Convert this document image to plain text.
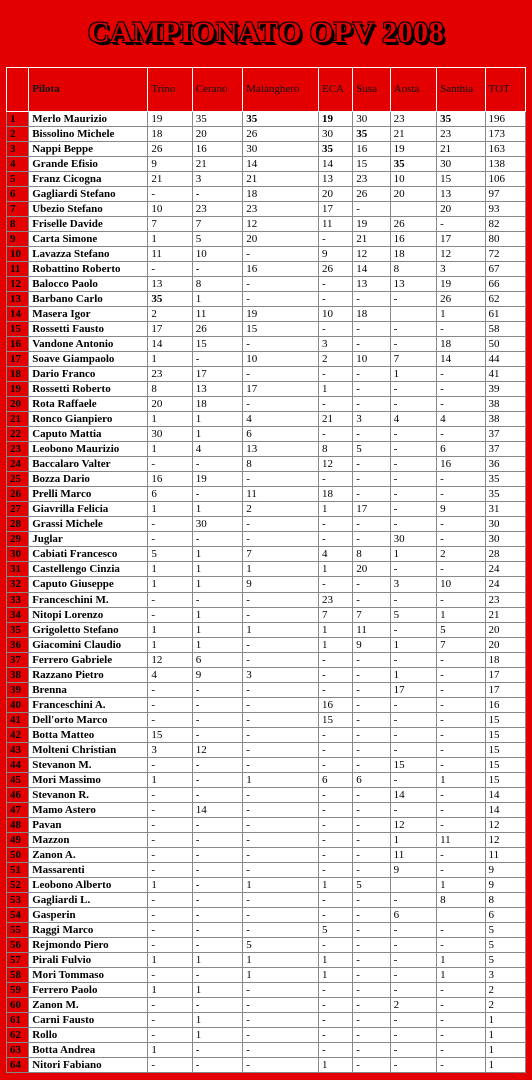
CAMPIONATO OPV 2008
	Pilota	Trino	Cerano	Malanghero	ECA	Susa	Aosta	Santhia	TOT
1	Merlo Maurizio	19	35	35	19	30	23	35	196
2	Bissolino Michele	18	20	26	30	35	21	23	173
3	Nappi Beppe	26	16	30	35	16	19	21	163
4	Grande Efisio	9	21	14	14	15	35	30	138
5	Franz Cicogna	21	3	21	13	23	10	15	106
6	Gagliardi Stefano	-	-	18	20	26	20	13	97
7	Ubezio Stefano	10	23	23	17	-		20	93
8	Friselle Davide	7	7	12	11	19	26	-	82
9	Carta Simone	1	5	20	-	21	16	17	80
10	Lavazza Stefano	11	10	-	9	12	18	12	72
11	Robattino Roberto	-	-	16	26	14	8	3	67
12	Balocco Paolo	13	8	-	-	13	13	19	66
13	Barbano Carlo	35	1	-	-	-	-	26	62
14	Masera Igor	2	11	19	10	18		1	61
15	Rossetti Fausto	17	26	15	-	-	-	-	58
16	Vandone Antonio	14	15	-	3	-	-	18	50
17	Soave Giampaolo	1	-	10	2	10	7	14	44
18	Dario Franco	23	17	-	-	-	1	-	41
19	Rossetti Roberto	8	13	17	1	-	-	-	39
20	Rota Raffaele	20	18	-	-	-	-	-	38
21	Ronco Gianpiero	1	1	4	21	3	4	4	38
22	Caputo Mattia	30	1	6	-	-	-	-	37
23	Leobono Maurizio	1	4	13	8	5	-	6	37
24	Baccalaro Valter	-	-	8	12	-	-	16	36
25	Bozza Dario	16	19	-	-	-	-	-	35
26	Prelli Marco	6	-	11	18	-	-	-	35
27	Giavrilla Felicia	1	1	2	1	17	-	9	31
28	Grassi Michele	-	30	-	-	-	-	-	30
29	Juglar	-	-	-	-	-	30	-	30
30	Cabiati Francesco	5	1	7	4	8	1	2	28
31	Castellengo Cinzia	1	1	1	1	20	-	-	24
32	Caputo Giuseppe	1	1	9	-	-	3	10	24
33	Franceschini M.	-	-	-	23	-	-	-	23
34	Nitopi Lorenzo	-	1	-	7	7	5	1	21
35	Grigoletto Stefano	1	1	1	1	11	-	5	20
36	Giacomini Claudio	1	1	-	1	9	1	7	20
37	Ferrero Gabriele	12	6	-	-	-	-	-	18
38	Razzano Pietro	4	9	3	-	-	1	-	17
39	Brenna	-	-	-	-	-	17	-	17
40	Franceschini A.	-	-	-	16	-	-	-	16
41	Dell'orto Marco	-	-	-	15	-	-	-	15
42	Botta Matteo	15	-	-	-	-	-	-	15
43	Molteni Christian	3	12	-	-	-	-	-	15
44	Stevanon M.	-	-	-	-	-	15	-	15
45	Mori Massimo	1	-	1	6	6	-	1	15
46	Stevanon R.	-	-	-	-	-	14	-	14
47	Mamo Astero	-	14	-	-	-	-	-	14
48	Pavan	-	-	-	-	-	12	-	12
49	Mazzon	-	-	-	-	-	1	11	12
50	Zanon A.	-	-	-	-	-	11	-	11
51	Massarenti	-	-	-	-	-	9	-	9
52	Leobono Alberto	1	-	1	1	5		1	9
53	Gagliardi L.	-	-	-	-	-	-	8	8
54	Gasperin	-	-	-	-	-	6		6
55	Raggi Marco	-	-	-	5	-	-	-	5
56	Rejmondo Piero	-	-	5	-	-	-	-	5
57	Pirali Fulvio	1	1	1	1	-	-	1	5
58	Mori Tommaso	-	-	1	1	-	-	1	3
59	Ferrero Paolo	1	1	-	-	-	-	-	2
60	Zanon M.	-	-	-	-	-	2	-	2
61	Carni Fausto	-	1	-	-	-	-	-	1
62	Rollo	-	1	-	-	-	-	-	1
63	Botta Andrea	1	-	-	-	-	-	-	1
64	Nitori Fabiano	-	-	-	1	-	-	-	1
